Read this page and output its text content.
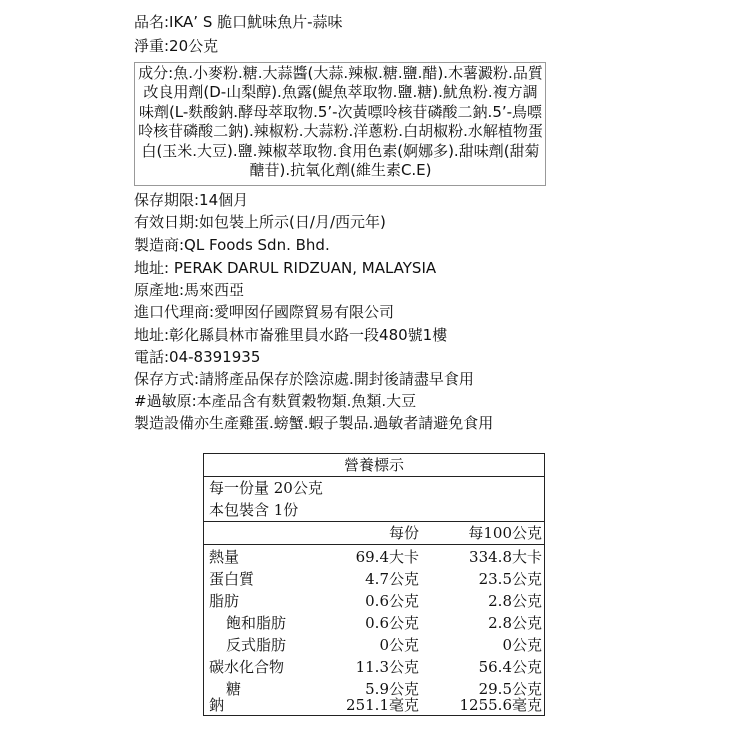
品名:IKA’ S 脆口魷味魚片-蒜味
淨重:20公克
成分:魚.小麥粉.糖.大蒜醬(大蒜.辣椒.糖.鹽.醋).木薯澱粉.品質改良用劑(D-山梨醇).魚露(鯷魚萃取物.鹽.糖).魷魚粉.複方調味劑(L-麩酸鈉.酵母萃取物.5’-次黃嘌呤核苷磷酸二鈉.5’-鳥嘌呤核苷磷酸二鈉).辣椒粉.大蒜粉.洋蔥粉.白胡椒粉.水解植物蛋白(玉米.大豆).鹽.辣椒萃取物.食用色素(婀娜多).甜味劑(甜菊醣苷).抗氧化劑(維生素C.E)
保存期限:14個月
有效日期:如包裝上所示(日/月/西元年)
製造商:QL Foods Sdn. Bhd.
地址: PERAK DARUL RIDZUAN, MALAYSIA
原產地:馬來西亞
進口代理商:愛呷囡仔國際貿易有限公司
地址:彰化縣員林市崙雅里員水路一段480號1樓
電話:04-8391935
保存方式:請將產品保存於陰涼處.開封後請盡早食用
#過敏原:本產品含有麩質穀物類.魚類.大豆
製造設備亦生產雞蛋.螃蟹.蝦子製品.過敏者請避免食用
營養標示
每一份量 20公克
本包裝含 1份
每份	每100公克
熱量	69.4大卡	334.8大卡
蛋白質	4.7公克	23.5公克
脂肪	0.6公克	2.8公克
飽和脂肪	0.6公克	2.8公克
反式脂肪	0公克	0公克
碳水化合物	11.3公克	56.4公克
糖	5.9公克	29.5公克
鈉	251.1毫克	1255.6毫克
